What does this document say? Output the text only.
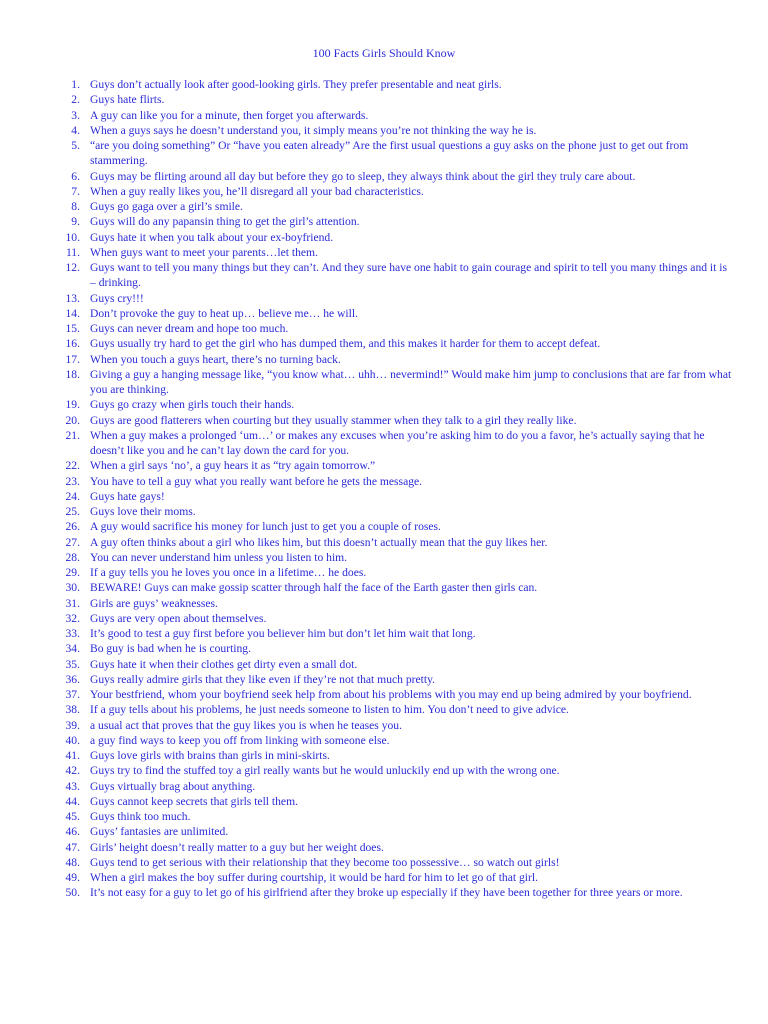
100 Facts Girls Should Know
1. Guys don’t actually look after good-looking girls. They prefer presentable and neat girls.
2. Guys hate flirts.
3. A guy can like you for a minute, then forget you afterwards.
4. When a guys says he doesn’t understand you, it simply means you’re not thinking the way he is.
5. “are you doing something” Or “have you eaten already” Are the first usual questions a guy asks on the phone just to get out from stammering.
6. Guys may be flirting around all day but before they go to sleep, they always think about the girl they truly care about.
7. When a guy really likes you, he’ll disregard all your bad characteristics.
8. Guys go gaga over a girl’s smile.
9. Guys will do any papansin thing to get the girl’s attention.
10. Guys hate it when you talk about your ex-boyfriend.
11. When guys want to meet your parents…let them.
12. Guys want to tell you many things but they can’t. And they sure have one habit to gain courage and spirit to tell you many things and it is – drinking.
13. Guys cry!!!
14. Don’t provoke the guy to heat up… believe me… he will.
15. Guys can never dream and hope too much.
16. Guys usually try hard to get the girl who has dumped them, and this makes it harder for them to accept defeat.
17. When you touch a guys heart, there’s no turning back.
18. Giving a guy a hanging message like, “you know what… uhh… nevermind!” Would make him jump to conclusions that are far from what you are thinking.
19. Guys go crazy when girls touch their hands.
20. Guys are good flatterers when courting but they usually stammer when they talk to a girl they really like.
21. When a guy makes a prolonged ‘um…’ or makes any excuses when you’re asking him to do you a favor, he’s actually saying that he doesn’t like you and he can’t lay down the card for you.
22. When a girl says ‘no’, a guy hears it as “try again tomorrow.”
23. You have to tell a guy what you really want before he gets the message.
24. Guys hate gays!
25. Guys love their moms.
26. A guy would sacrifice his money for lunch just to get you a couple of roses.
27. A guy often thinks about a girl who likes him, but this doesn’t actually mean that the guy likes her.
28. You can never understand him unless you listen to him.
29. If a guy tells you he loves you once in a lifetime… he does.
30. BEWARE! Guys can make gossip scatter through half the face of the Earth gaster then girls can.
31. Girls are guys’ weaknesses.
32. Guys are very open about themselves.
33. It’s good to test a guy first before you believer him but don’t let him wait that long.
34. Bo guy is bad when he is courting.
35. Guys hate it when their clothes get dirty even a small dot.
36. Guys really admire girls that they like even if they’re not that much pretty.
37. Your bestfriend, whom your boyfriend seek help from about his problems with you may end up being admired by your boyfriend.
38. If a guy tells about his problems, he just needs someone to listen to him. You don’t need to give advice.
39. a usual act that proves that the guy likes you is when he teases you.
40. a guy find ways to keep you off from linking with someone else.
41. Guys love girls with brains than girls in mini-skirts.
42. Guys try to find the stuffed toy a girl really wants but he would unluckily end up with the wrong one.
43. Guys virtually brag about anything.
44. Guys cannot keep secrets that girls tell them.
45. Guys think too much.
46. Guys’ fantasies are unlimited.
47. Girls’ height doesn’t really matter to a guy but her weight does.
48. Guys tend to get serious with their relationship that they become too possessive… so watch out girls!
49. When a girl makes the boy suffer during courtship, it would be hard for him to let go of that girl.
50. It’s not easy for a guy to let go of his girlfriend after they broke up especially if they have been together for three years or more.
